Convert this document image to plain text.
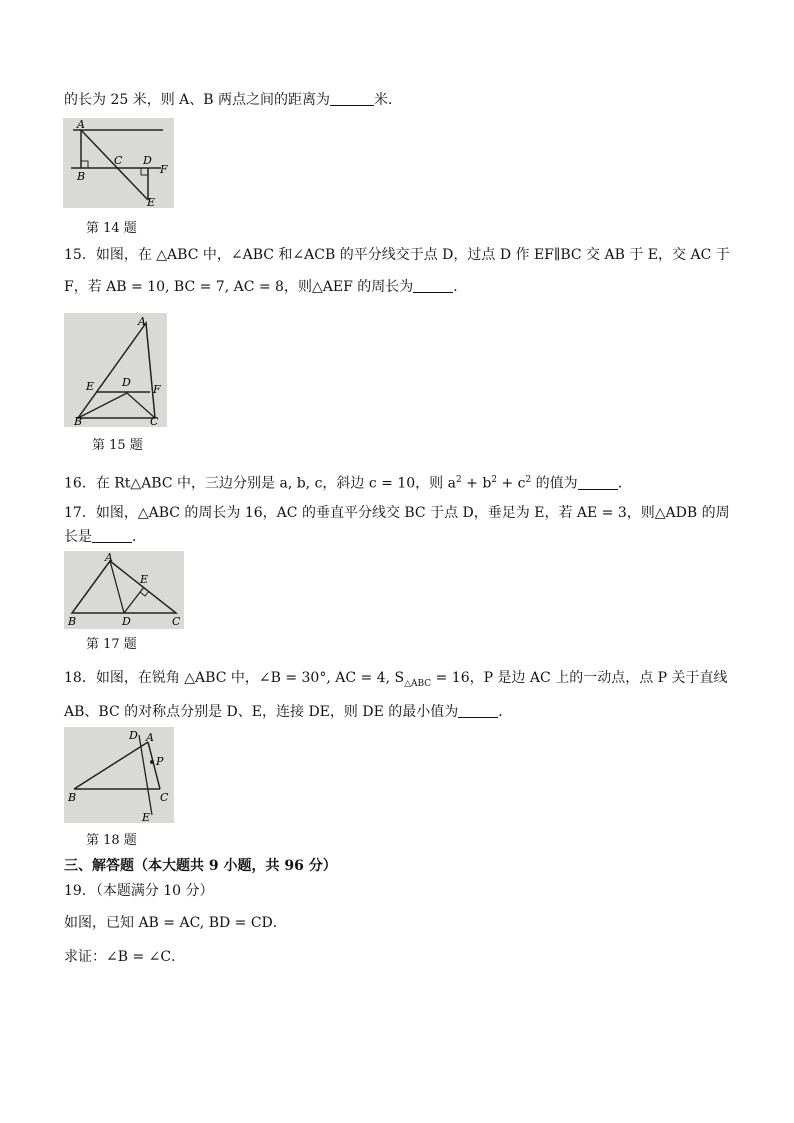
的长为 25 米，则 A、B 两点之间的距离为	米．
A
B
C D
F
E
第 14 题
15．如图，在 △ABC 中，∠ABC 和∠ACB 的平分线交于点 D，过点 D 作 EF∥BC 交 AB 于 E，交 AC 于
F，若 AB = 10, BC = 7, AC = 8，则△AEF 的周长为	．
A
E	D
F
B	C
第 15 题
16．在 Rt△ABC 中，三边分别是 a, b, c，斜边 c = 10，则 $a^2 + b^2 + c^2$ 的值为	．
17．如图，△ABC 的周长为 16，AC 的垂直平分线交 BC 于点 D，垂足为 E，若 AE = 3，则△ADB 的周
长是	．
A
E
B	D	C
第 17 题
18．如图，在锐角 △ABC 中，∠B = 30°, AC = 4, $S_{\triangle ABC} = 16$，P 是边 AC 上的一动点，点 P 关于直线
AB、BC 的对称点分别是 D、E，连接 DE，则 DE 的最小值为	．
D A
P
B	C
E
第 18 题
三、解答题（本大题共 9 小题，共 96 分）
19．（本题满分 10 分）
如图，已知 AB = AC, BD = CD．
求证：∠B = ∠C．
